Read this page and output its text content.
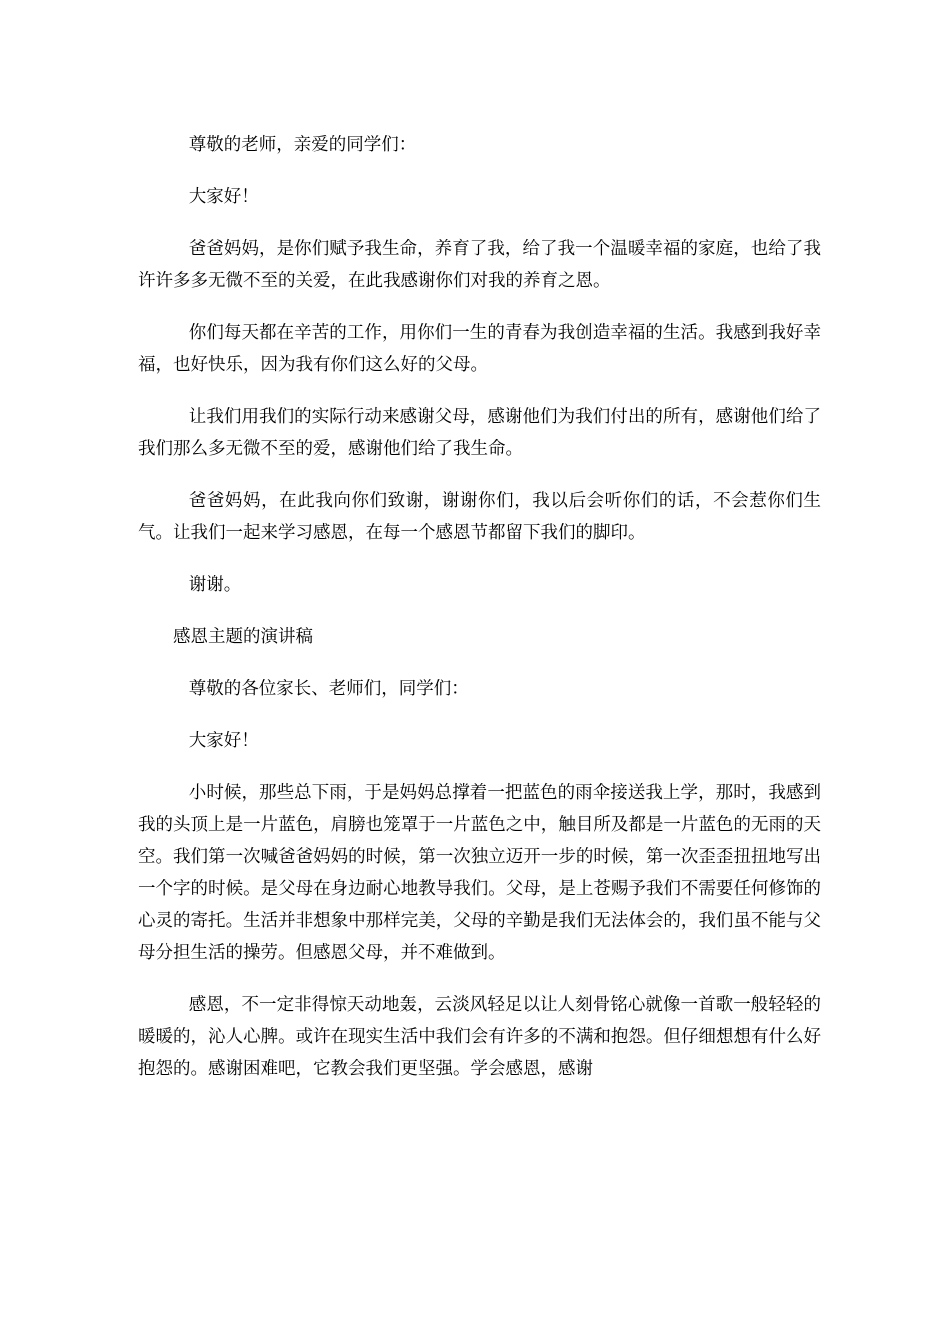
尊敬的老师，亲爱的同学们：

大家好！

爸爸妈妈，是你们赋予我生命，养育了我，给了我一个温暖幸福的家庭，也给了我许许多多无微不至的关爱，在此我感谢你们对我的养育之恩。

你们每天都在辛苦的工作，用你们一生的青春为我创造幸福的生活。我感到我好幸福，也好快乐，因为我有你们这么好的父母。

让我们用我们的实际行动来感谢父母，感谢他们为我们付出的所有，感谢他们给了我们那么多无微不至的爱，感谢他们给了我生命。

爸爸妈妈，在此我向你们致谢，谢谢你们，我以后会听你们的话，不会惹你们生气。让我们一起来学习感恩，在每一个感恩节都留下我们的脚印。

谢谢。

感恩主题的演讲稿

尊敬的各位家长、老师们，同学们：

大家好！

小时候，那些总下雨，于是妈妈总撑着一把蓝色的雨伞接送我上学，那时，我感到我的头顶上是一片蓝色，肩膀也笼罩于一片蓝色之中，触目所及都是一片蓝色的无雨的天空。我们第一次喊爸爸妈妈的时候，第一次独立迈开一步的时候，第一次歪歪扭扭地写出一个字的时候。是父母在身边耐心地教导我们。父母，是上苍赐予我们不需要任何修饰的心灵的寄托。生活并非想象中那样完美，父母的辛勤是我们无法体会的，我们虽不能与父母分担生活的操劳。但感恩父母，并不难做到。

感恩，不一定非得惊天动地轰，云淡风轻足以让人刻骨铭心就像一首歌一般轻轻的暖暖的，沁人心脾。或许在现实生活中我们会有许多的不满和抱怨。但仔细想想有什么好抱怨的。感谢困难吧，它教会我们更坚强。学会感恩，感谢
